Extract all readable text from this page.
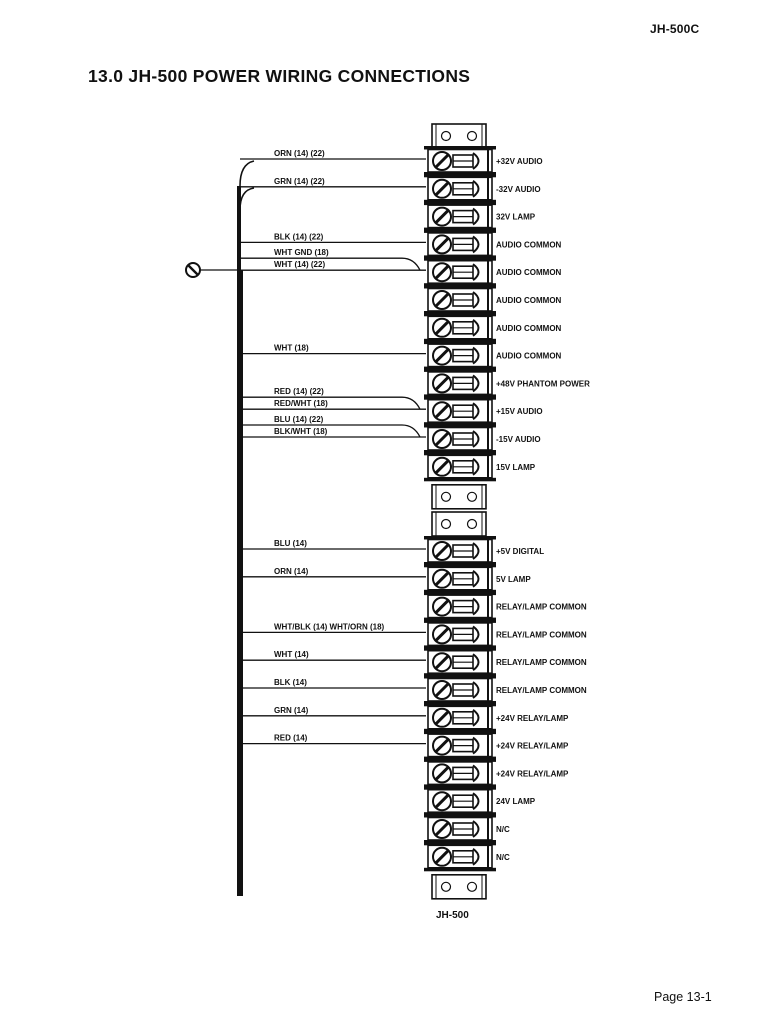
JH-500C
13.0 JH-500 POWER WIRING CONNECTIONS
ORN (14) (22)
GRN (14) (22)
BLK (14) (22)
WHT (14) (22)
WHT GND (18)
WHT (18)
RED/WHT (18)
RED (14) (22)
BLK/WHT (18)
BLU (14) (22)
BLU (14)
ORN (14)
WHT/BLK (14) WHT/ORN (18)
WHT (14)
BLK (14)
GRN (14)
RED (14)
+32V AUDIO
-32V AUDIO
32V LAMP
AUDIO COMMON
AUDIO COMMON
AUDIO COMMON
AUDIO COMMON
AUDIO COMMON
+48V PHANTOM POWER
+15V AUDIO
-15V AUDIO
15V LAMP
+5V DIGITAL
5V LAMP
RELAY/LAMP COMMON
RELAY/LAMP COMMON
RELAY/LAMP COMMON
RELAY/LAMP COMMON
+24V RELAY/LAMP
+24V RELAY/LAMP
+24V RELAY/LAMP
24V LAMP
N/C
N/C
JH-500
Page 13-1
